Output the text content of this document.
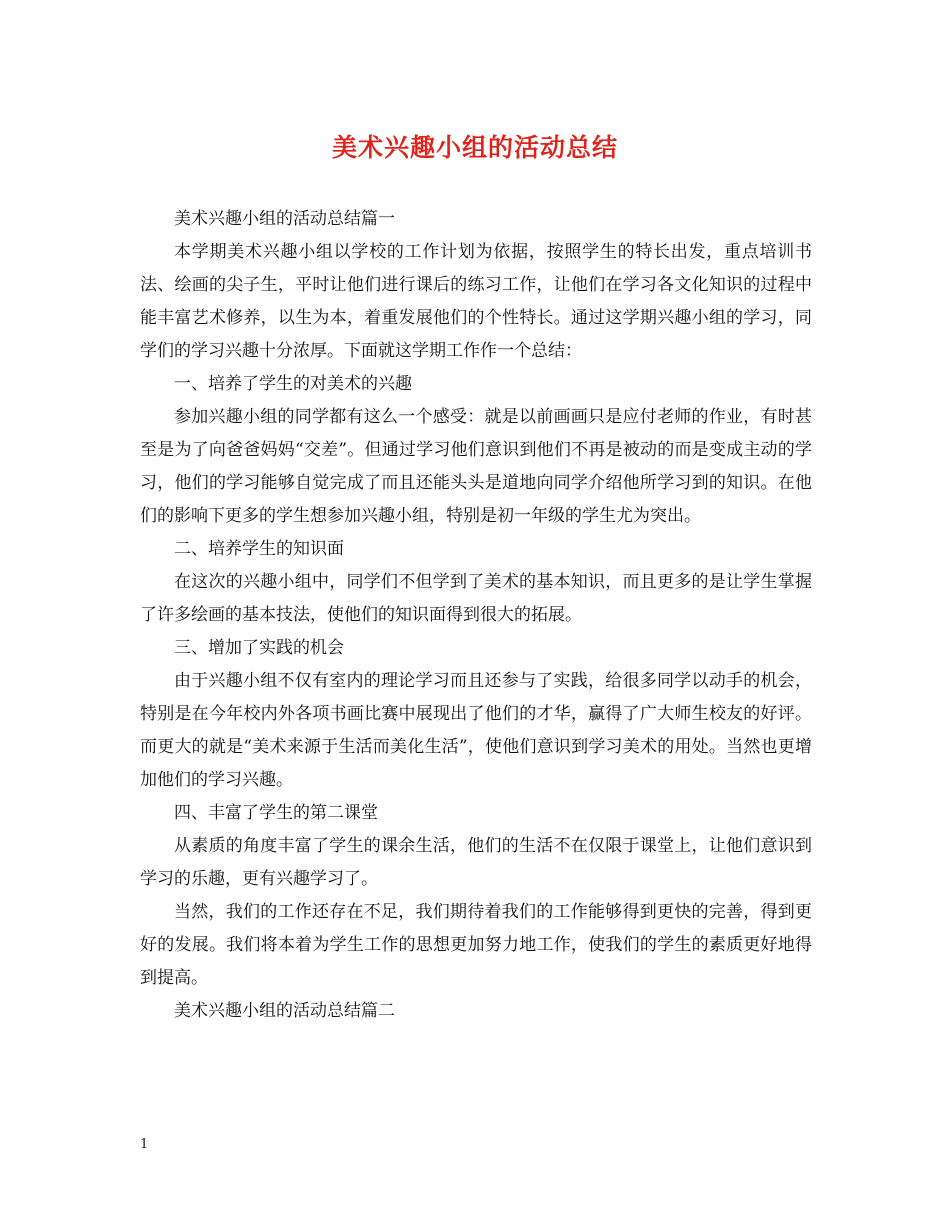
美术兴趣小组的活动总结

美术兴趣小组的活动总结篇一

本学期美术兴趣小组以学校的工作计划为依据，按照学生的特长出发，重点培训书法、绘画的尖子生，平时让他们进行课后的练习工作，让他们在学习各文化知识的过程中能丰富艺术修养，以生为本，着重发展他们的个性特长。通过这学期兴趣小组的学习，同学们的学习兴趣十分浓厚。下面就这学期工作作一个总结：

一、培养了学生的对美术的兴趣

参加兴趣小组的同学都有这么一个感受：就是以前画画只是应付老师的作业，有时甚至是为了向爸爸妈妈“交差”。但通过学习他们意识到他们不再是被动的而是变成主动的学习，他们的学习能够自觉完成了而且还能头头是道地向同学介绍他所学习到的知识。在他们的影响下更多的学生想参加兴趣小组，特别是初一年级的学生尤为突出。

二、培养学生的知识面

在这次的兴趣小组中，同学们不但学到了美术的基本知识，而且更多的是让学生掌握了许多绘画的基本技法，使他们的知识面得到很大的拓展。

三、增加了实践的机会

由于兴趣小组不仅有室内的理论学习而且还参与了实践，给很多同学以动手的机会，特别是在今年校内外各项书画比赛中展现出了他们的才华，赢得了广大师生校友的好评。而更大的就是“美术来源于生活而美化生活”，使他们意识到学习美术的用处。当然也更增加他们的学习兴趣。

四、丰富了学生的第二课堂

从素质的角度丰富了学生的课余生活，他们的生活不在仅限于课堂上，让他们意识到学习的乐趣，更有兴趣学习了。

当然，我们的工作还存在不足，我们期待着我们的工作能够得到更快的完善，得到更好的发展。我们将本着为学生工作的思想更加努力地工作，使我们的学生的素质更好地得到提高。

美术兴趣小组的活动总结篇二

1
